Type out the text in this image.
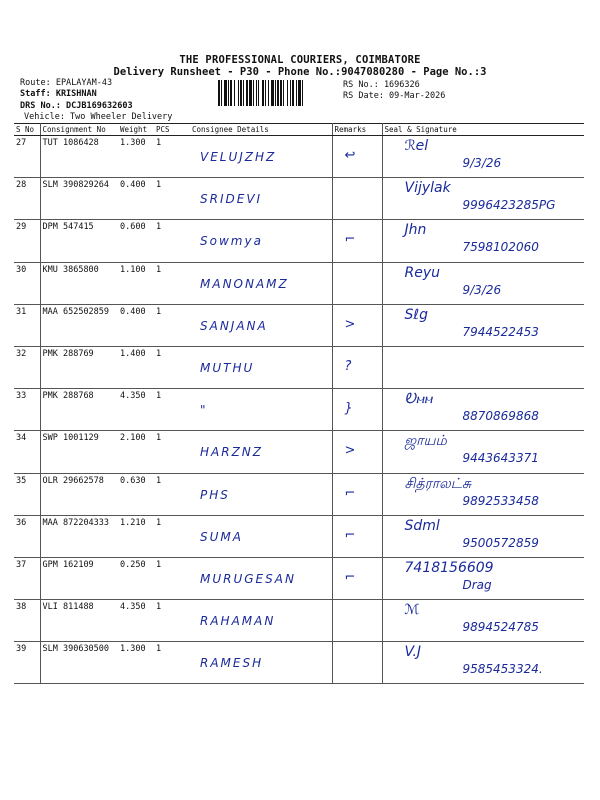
THE PROFESSIONAL COURIERS, COIMBATORE
Delivery Runsheet - P30 - Phone No.:9047080280 - Page No.:3
Route: EPALAYAM-43
Staff: KRISHNAN
DRS No.: DCJB169632603
Vehicle: Two Wheeler Delivery
RS No.: 1696326
RS Date: 09-Mar-2026
S No	Consignment No	Weight	PCS	Consignee Details	Remarks	Seal & Signature
27	TUT 1086428	1.300	1	VELUJZHZ	↩	ℛel
9/3/26

28	SLM 390829264	0.400	1	SRIDEVI		Vijylak
9996423285PG

29	DPM 547415	0.600	1	Sowmya	⌐	Jhn
7598102060

30	KMU 3865800	1.100	1	MANONAMZ		Reyu
9/3/26

31	MAA 652502859	0.400	1	SANJANA	>	Sℓg
7944522453

32	PMK 288769	1.400	1	MUTHU	?	

33	PMK 288768	4.350	1	"	}	Ꭷⲙⲙ
8870869868

34	SWP 1001129	2.100	1	HARZNZ	>	ஜாயம்
9443643371

35	OLR 29662578	0.630	1	PHS	⌐	சித்ராலட்சு
9892533458

36	MAA 872204333	1.210	1	SUMA	⌐	Sdml
9500572859

37	GPM 162109	0.250	1	MURUGESAN	⌐	7418156609
Drag

38	VLI 811488	4.350	1	RAHAMAN		ℳ
9894524785

39	SLM 390630500	1.300	1	RAMESH		V.J
9585453324.
